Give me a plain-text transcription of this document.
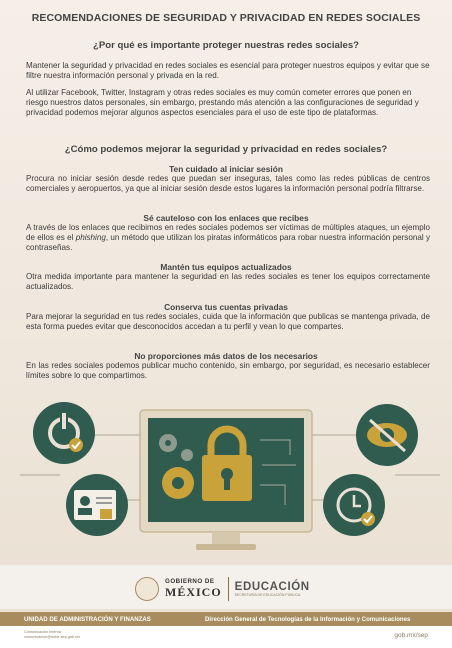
RECOMENDACIONES DE SEGURIDAD Y PRIVACIDAD EN REDES SOCIALES
¿Por qué es importante proteger nuestras redes sociales?
Mantener la seguridad y privacidad en redes sociales es esencial para proteger nuestros equipos y evitar que se filtre nuestra información personal y privada en la red.
Al utilizar Facebook, Twitter, Instagram y otras redes sociales es muy común cometer errores que ponen en riesgo nuestros datos personales, sin embargo, prestando más atención a las configuraciones de seguridad y privacidad podemos mejorar algunos aspectos esenciales para el uso de este tipo de plataformas.
¿Cómo podemos mejorar la seguridad y privacidad en redes sociales?
Ten cuidado al iniciar sesión
Procura no iniciar sesión desde redes que puedan ser inseguras, tales como las redes públicas de centros comerciales y aeropuertos, ya que al iniciar sesión desde estos lugares la información personal podría filtrarse.
Sé cauteloso con los enlaces que recibes
A través de los enlaces que recibimos en redes sociales podemos ser víctimas de múltiples ataques, un ejemplo de ellos es el phishing, un método que utilizan los piratas informáticos para robar nuestra información personal y contraseñas.
Mantén tus equipos actualizados
Otra medida importante para mantener la seguridad en las redes sociales es tener los equipos correctamente actualizados.
Conserva tus cuentas privadas
Para mejorar la seguridad en tus redes sociales, cuida que la información que publicas se mantenga privada, de esta forma puedes evitar que desconocidos accedan a tu perfil y vean lo que compartes.
No proporciones más datos de los necesarios
En las redes sociales podemos publicar mucho contenido, sin embargo, por seguridad, es necesario establecer límites sobre lo que compartimos.
GOBIERNO DE
MÉXICO EDUCACIÓN
SECRETARÍA DE EDUCACIÓN PÚBLICA
UNIDAD DE ADMINISTRACIÓN Y FINANZAS	Dirección General de Tecnologías de la Información y Comunicaciones
Comunicación Interna
comunicacion@nube.sep.gob.mx	gob.mx/sep
